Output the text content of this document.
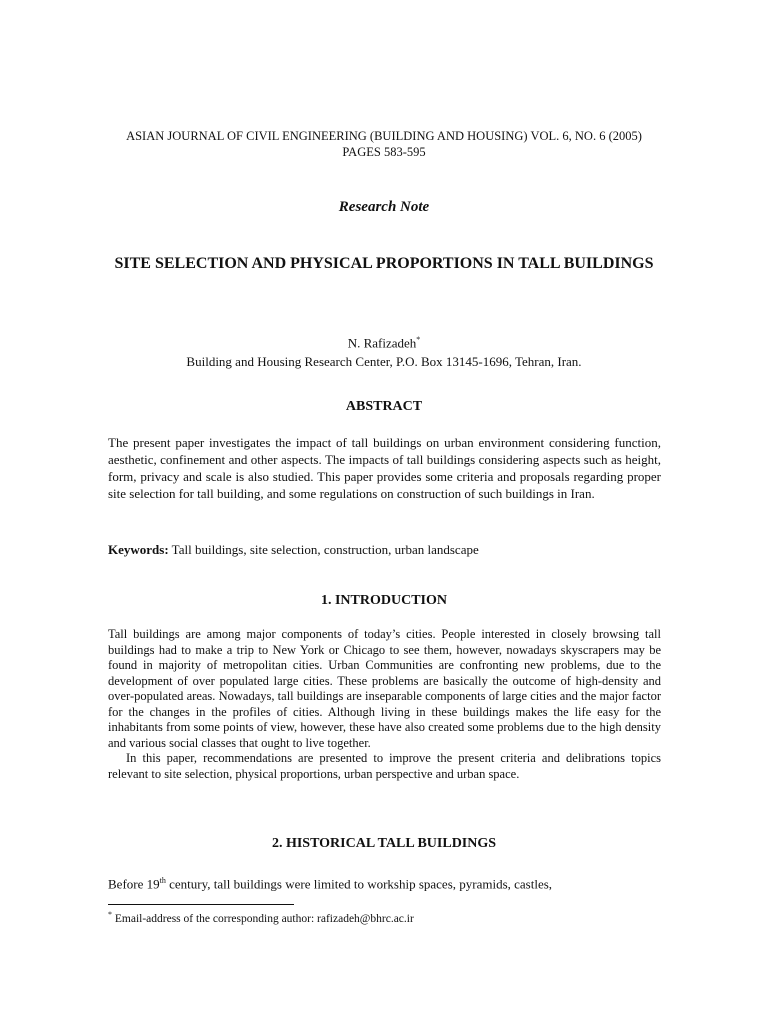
ASIAN JOURNAL OF CIVIL ENGINEERING (BUILDING AND HOUSING) VOL. 6, NO. 6 (2005)
PAGES 583-595
Research Note
SITE SELECTION AND PHYSICAL PROPORTIONS IN TALL BUILDINGS
N. Rafizadeh*
Building and Housing Research Center, P.O. Box 13145-1696, Tehran, Iran.
ABSTRACT
The present paper investigates the impact of tall buildings on urban environment considering function, aesthetic, confinement and other aspects. The impacts of tall buildings considering aspects such as height, form, privacy and scale is also studied. This paper provides some criteria and proposals regarding proper site selection for tall building, and some regulations on construction of such buildings in Iran.
Keywords: Tall buildings, site selection, construction, urban landscape
1. INTRODUCTION
Tall buildings are among major components of today’s cities. People interested in closely browsing tall buildings had to make a trip to New York or Chicago to see them, however, nowadays skyscrapers may be found in majority of metropolitan cities. Urban Communities are confronting new problems, due to the development of over populated large cities. These problems are basically the outcome of high-density and over-populated areas. Nowadays, tall buildings are inseparable components of large cities and the major factor for the changes in the profiles of cities. Although living in these buildings makes the life easy for the inhabitants from some points of view, however, these have also created some problems due to the high density and various social classes that ought to live together.
In this paper, recommendations are presented to improve the present criteria and delibrations topics relevant to site selection, physical proportions, urban perspective and urban space.
2. HISTORICAL TALL BUILDINGS
Before 19th century, tall buildings were limited to workship spaces, pyramids, castles,
* Email-address of the corresponding author: rafizadeh@bhrc.ac.ir
